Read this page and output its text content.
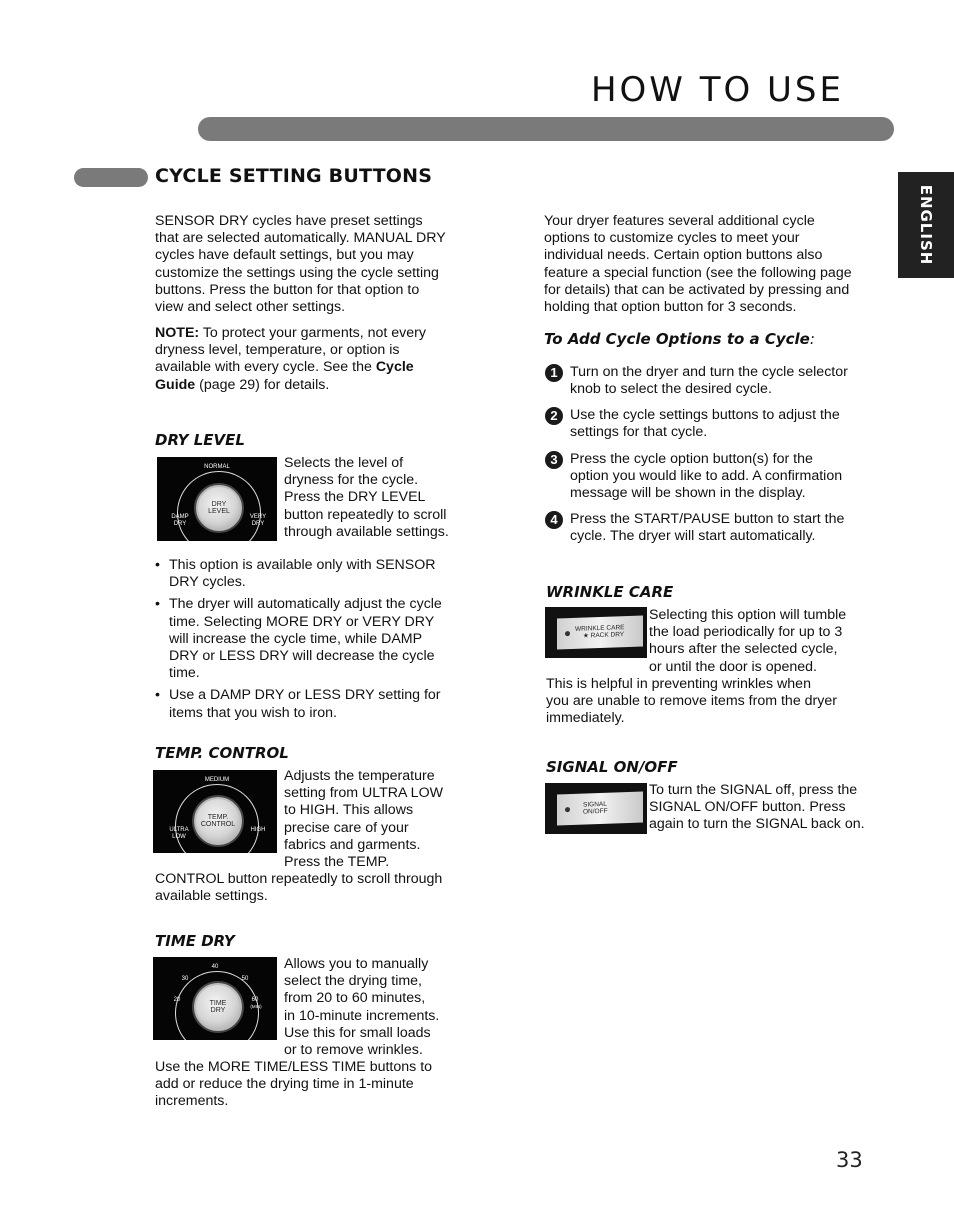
HOW TO USE
CYCLE SETTING BUTTONS
ENGLISH
SENSOR DRY cycles have preset settings
that are selected automatically. MANUAL DRY
cycles have default settings, but you may
customize the settings using the cycle setting
buttons. Press the button for that option to
view and select other settings.
NOTE: To protect your garments, not every
dryness level, temperature, or option is
available with every cycle. See the Cycle
Guide (page 29) for details.
DRY LEVEL
NORMAL
DAMP
DRY
VERY
DRY
DRY
LEVEL
Selects the level of
dryness for the cycle.
Press the DRY LEVEL
button repeatedly to scroll
through available settings.
• This option is available only with SENSOR
DRY cycles.
• The dryer will automatically adjust the cycle
time. Selecting MORE DRY or VERY DRY
will increase the cycle time, while DAMP
DRY or LESS DRY will decrease the cycle
time.
• Use a DAMP DRY or LESS DRY setting for
items that you wish to iron.
TEMP. CONTROL
MEDIUM
ULTRA
LOW
HIGH
TEMP.
CONTROL
Adjusts the temperature
setting from ULTRA LOW
to HIGH. This allows
precise care of your
fabrics and garments.
Press the TEMP.
CONTROL button repeatedly to scroll through
available settings.
TIME DRY
40
30	50
20	60
(MIN)
TIME
DRY
Allows you to manually
select the drying time,
from 20 to 60 minutes,
in 10-minute increments.
Use this for small loads
or to remove wrinkles.
Use the MORE TIME/LESS TIME buttons to
add or reduce the drying time in 1-minute
increments.
Your dryer features several additional cycle
options to customize cycles to meet your
individual needs. Certain option buttons also
feature a special function (see the following page
for details) that can be activated by pressing and
holding that option button for 3 seconds.
To Add Cycle Options to a Cycle:
1 Turn on the dryer and turn the cycle selector
knob to select the desired cycle.
2 Use the cycle settings buttons to adjust the
settings for that cycle.
3 Press the cycle option button(s) for the
option you would like to add. A confirmation
message will be shown in the display.
4 Press the START/PAUSE button to start the
cycle. The dryer will start automatically.
WRINKLE CARE
WRINKLE CARE
★ RACK DRY
Selecting this option will tumble
the load periodically for up to 3
hours after the selected cycle,
or until the door is opened.
This is helpful in preventing wrinkles when
you are unable to remove items from the dryer
immediately.
SIGNAL ON/OFF
SIGNAL
ON/OFF
To turn the SIGNAL off, press the
SIGNAL ON/OFF button. Press
again to turn the SIGNAL back on.
33
